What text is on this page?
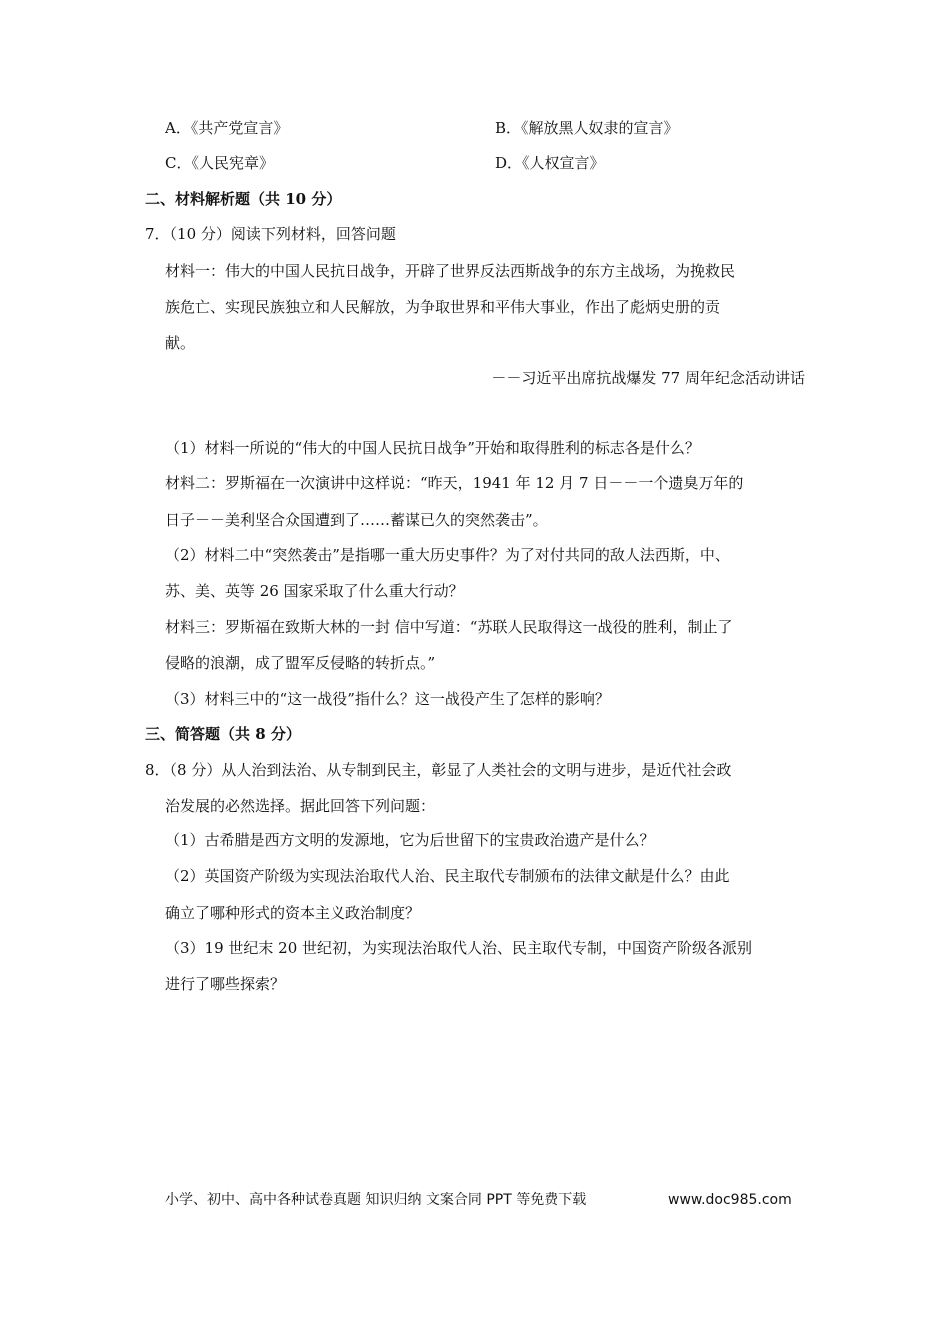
A．《共产党宣言》	B．《解放黑人奴隶的宣言》
C．《人民宪章》	D．《人权宣言》
二、材料解析题（共 10 分）
7．（10 分）阅读下列材料，回答问题
材料一：伟大的中国人民抗日战争，开辟了世界反法西斯战争的东方主战场，为挽救民
族危亡、实现民族独立和人民解放，为争取世界和平伟大事业，作出了彪炳史册的贡
献。
－－习近平出席抗战爆发 77 周年纪念活动讲话
（1）材料一所说的“伟大的中国人民抗日战争”开始和取得胜利的标志各是什么？
材料二：罗斯福在一次演讲中这样说：“昨天，1941 年 12 月 7 日－－一个遗臭万年的
日子－－美利坚合众国遭到了……蓄谋已久的突然袭击”。
（2）材料二中“突然袭击”是指哪一重大历史事件？为了对付共同的敌人法西斯，中、
苏、美、英等 26 国家采取了什么重大行动？
材料三：罗斯福在致斯大林的一封 信中写道：“苏联人民取得这一战役的胜利，制止了
侵略的浪潮，成了盟军反侵略的转折点。”
（3）材料三中的“这一战役”指什么？这一战役产生了怎样的影响？
三、简答题（共 8 分）
8．（8 分）从人治到法治、从专制到民主，彰显了人类社会的文明与进步，是近代社会政
治发展的必然选择。据此回答下列问题：
（1）古希腊是西方文明的发源地，它为后世留下的宝贵政治遗产是什么？
（2）英国资产阶级为实现法治取代人治、民主取代专制颁布的法律文献是什么？由此
确立了哪种形式的资本主义政治制度？
（3）19 世纪末 20 世纪初，为实现法治取代人治、民主取代专制，中国资产阶级各派别
进行了哪些探索？
小学、初中、高中各种试卷真题 知识归纳 文案合同 PPT 等免费下载	www.doc985.com
